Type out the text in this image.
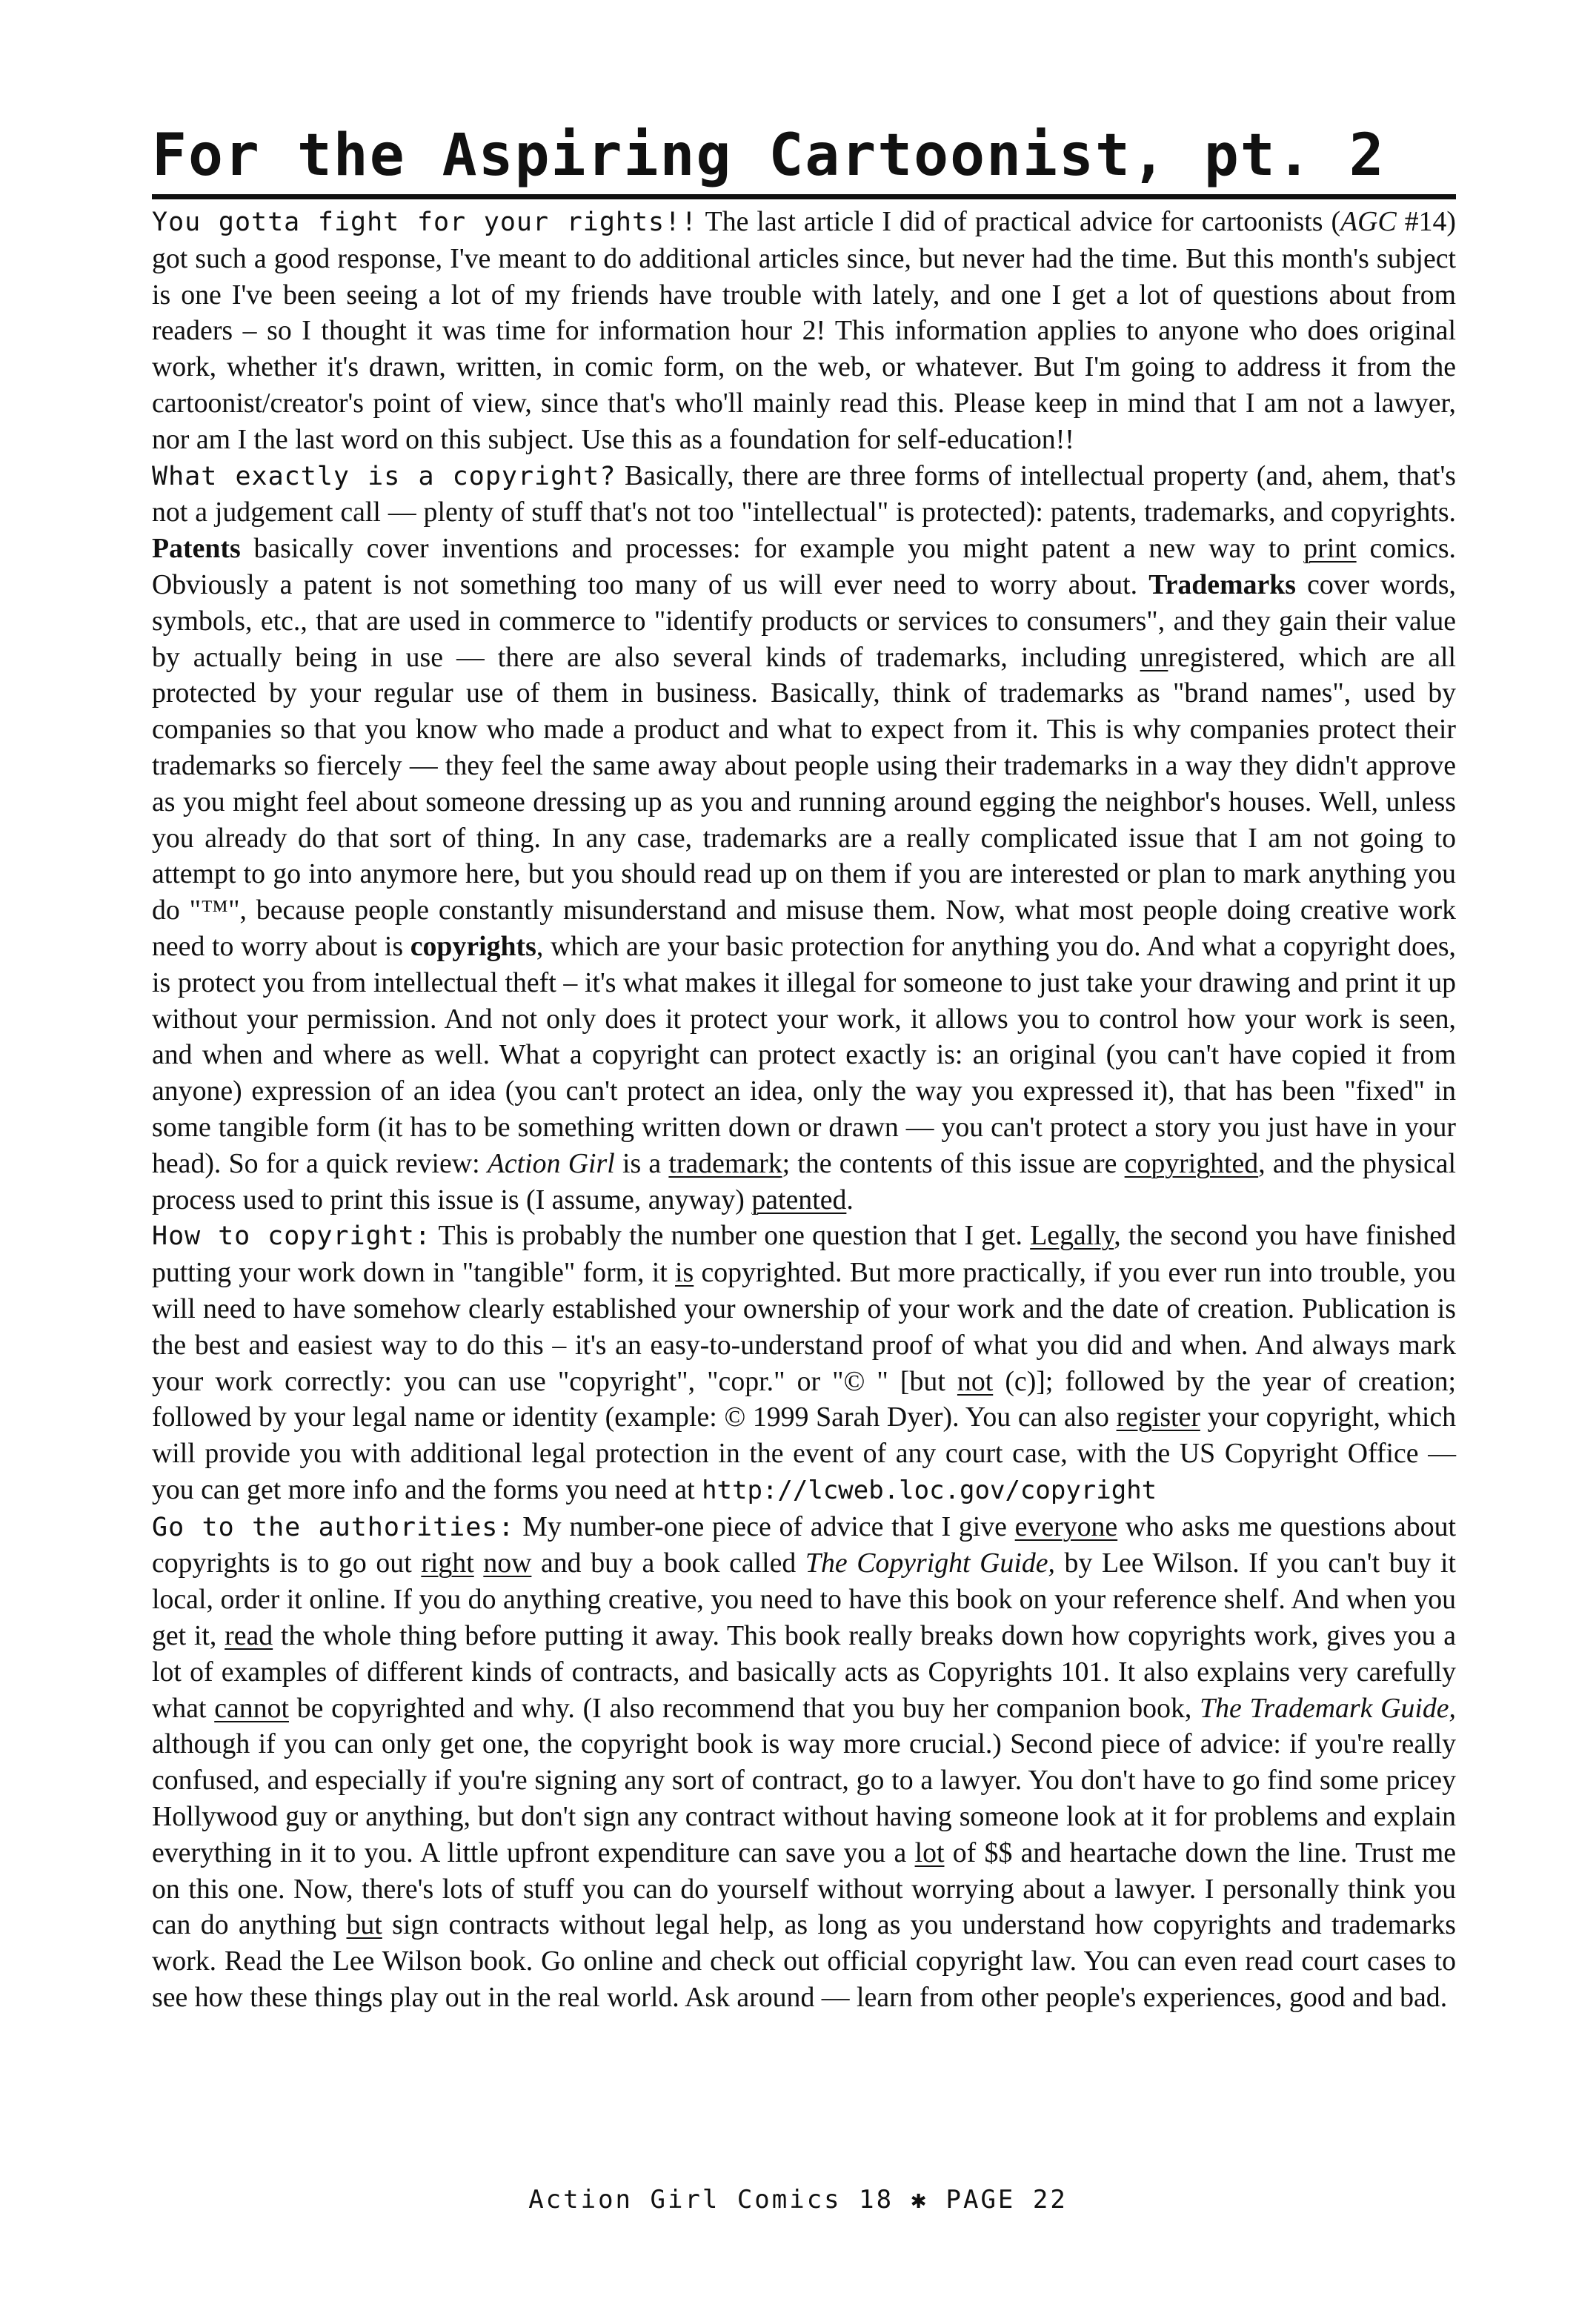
For the Aspiring Cartoonist, pt. 2

You gotta fight for your rights!! The last article I did of practical advice for cartoonists (AGC #14) got such a good response, I've meant to do additional articles since, but never had the time. But this month's subject is one I've been seeing a lot of my friends have trouble with lately, and one I get a lot of questions about from readers – so I thought it was time for information hour 2! This information applies to anyone who does original work, whether it's drawn, written, in comic form, on the web, or whatever. But I'm going to address it from the cartoonist/creator's point of view, since that's who'll mainly read this. Please keep in mind that I am not a lawyer, nor am I the last word on this subject. Use this as a foundation for self-education!!

What exactly is a copyright? Basically, there are three forms of intellectual property (and, ahem, that's not a judgement call — plenty of stuff that's not too "intellectual" is protected): patents, trademarks, and copyrights. Patents basically cover inventions and processes: for example you might patent a new way to print comics. Obviously a patent is not something too many of us will ever need to worry about. Trademarks cover words, symbols, etc., that are used in commerce to "identify products or services to consumers", and they gain their value by actually being in use — there are also several kinds of trademarks, including unregistered, which are all protected by your regular use of them in business. Basically, think of trademarks as "brand names", used by companies so that you know who made a product and what to expect from it. This is why companies protect their trademarks so fiercely — they feel the same away about people using their trademarks in a way they didn't approve as you might feel about someone dressing up as you and running around egging the neighbor's houses. Well, unless you already do that sort of thing. In any case, trademarks are a really complicated issue that I am not going to attempt to go into anymore here, but you should read up on them if you are interested or plan to mark anything you do "™", because people constantly misunderstand and misuse them. Now, what most people doing creative work need to worry about is copyrights, which are your basic protection for anything you do. And what a copyright does, is protect you from intellectual theft – it's what makes it illegal for someone to just take your drawing and print it up without your permission. And not only does it protect your work, it allows you to control how your work is seen, and when and where as well. What a copyright can protect exactly is: an original (you can't have copied it from anyone) expression of an idea (you can't protect an idea, only the way you expressed it), that has been "fixed" in some tangible form (it has to be something written down or drawn — you can't protect a story you just have in your head). So for a quick review: Action Girl is a trademark; the contents of this issue are copyrighted, and the physical process used to print this issue is (I assume, anyway) patented.

How to copyright: This is probably the number one question that I get. Legally, the second you have finished putting your work down in "tangible" form, it is copyrighted. But more practically, if you ever run into trouble, you will need to have somehow clearly established your ownership of your work and the date of creation. Publication is the best and easiest way to do this – it's an easy-to-understand proof of what you did and when. And always mark your work correctly: you can use "copyright", "copr." or "© " [but not (c)]; followed by the year of creation; followed by your legal name or identity (example: © 1999 Sarah Dyer). You can also register your copyright, which will provide you with additional legal protection in the event of any court case, with the US Copyright Office — you can get more info and the forms you need at http://lcweb.loc.gov/copyright

Go to the authorities: My number-one piece of advice that I give everyone who asks me questions about copyrights is to go out right now and buy a book called The Copyright Guide, by Lee Wilson. If you can't buy it local, order it online. If you do anything creative, you need to have this book on your reference shelf. And when you get it, read the whole thing before putting it away. This book really breaks down how copyrights work, gives you a lot of examples of different kinds of contracts, and basically acts as Copyrights 101. It also explains very carefully what cannot be copyrighted and why. (I also recommend that you buy her companion book, The Trademark Guide, although if you can only get one, the copyright book is way more crucial.) Second piece of advice: if you're really confused, and especially if you're signing any sort of contract, go to a lawyer. You don't have to go find some pricey Hollywood guy or anything, but don't sign any contract without having someone look at it for problems and explain everything in it to you. A little upfront expenditure can save you a lot of $$ and heartache down the line. Trust me on this one. Now, there's lots of stuff you can do yourself without worrying about a lawyer. I personally think you can do anything but sign contracts without legal help, as long as you understand how copyrights and trademarks work. Read the Lee Wilson book. Go online and check out official copyright law. You can even read court cases to see how these things play out in the real world. Ask around — learn from other people's experiences, good and bad.

Action Girl Comics 18 ✱ PAGE 22
